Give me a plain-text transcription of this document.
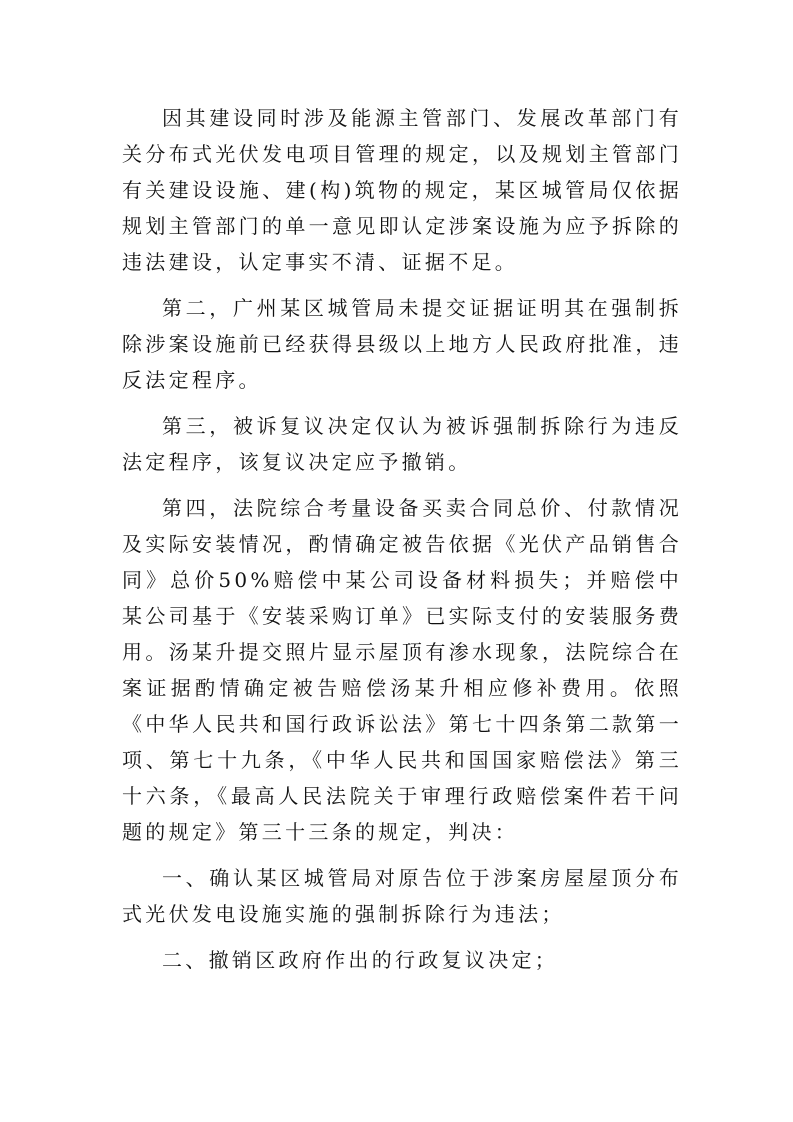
因其建设同时涉及能源主管部门、发展改革部门有关分布式光伏发电项目管理的规定，以及规划主管部门有关建设设施、建(构)筑物的规定，某区城管局仅依据规划主管部门的单一意见即认定涉案设施为应予拆除的违法建设，认定事实不清、证据不足。

第二，广州某区城管局未提交证据证明其在强制拆除涉案设施前已经获得县级以上地方人民政府批准，违反法定程序。

第三，被诉复议决定仅认为被诉强制拆除行为违反法定程序，该复议决定应予撤销。

第四，法院综合考量设备买卖合同总价、付款情况及实际安装情况，酌情确定被告依据《光伏产品销售合同》总价50%赔偿中某公司设备材料损失；并赔偿中某公司基于《安装采购订单》已实际支付的安装服务费用。汤某升提交照片显示屋顶有渗水现象，法院综合在案证据酌情确定被告赔偿汤某升相应修补费用。依照《中华人民共和国行政诉讼法》第七十四条第二款第一项、第七十九条，《中华人民共和国国家赔偿法》第三十六条，《最高人民法院关于审理行政赔偿案件若干问题的规定》第三十三条的规定，判决：

一、确认某区城管局对原告位于涉案房屋屋顶分布式光伏发电设施实施的强制拆除行为违法；

二、撤销区政府作出的行政复议决定；
